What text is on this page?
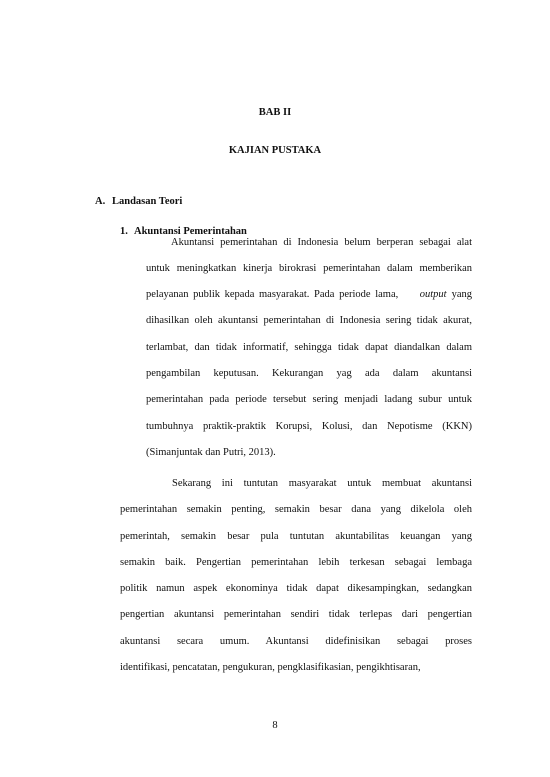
BAB II
KAJIAN PUSTAKA
A. Landasan Teori
1. Akuntansi Pemerintahan
Akuntansi pemerintahan di Indonesia belum berperan sebagai alat
untuk meningkatkan kinerja birokrasi pemerintahan dalam memberikan
pelayanan publik kepada masyarakat. Pada periode lama, output yang
dihasilkan oleh akuntansi pemerintahan di Indonesia sering tidak akurat,
terlambat, dan tidak informatif, sehingga tidak dapat diandalkan dalam
pengambilan keputusan. Kekurangan yag ada dalam akuntansi
pemerintahan pada periode tersebut sering menjadi ladang subur untuk
tumbuhnya praktik-praktik Korupsi, Kolusi, dan Nepotisme (KKN)
(Simanjuntak dan Putri, 2013).
Sekarang ini tuntutan masyarakat untuk membuat akuntansi
pemerintahan semakin penting, semakin besar dana yang dikelola oleh
pemerintah, semakin besar pula tuntutan akuntabilitas keuangan yang
semakin baik. Pengertian pemerintahan lebih terkesan sebagai lembaga
politik namun aspek ekonominya tidak dapat dikesampingkan, sedangkan
pengertian akuntansi pemerintahan sendiri tidak terlepas dari pengertian
akuntansi secara umum. Akuntansi didefinisikan sebagai proses
identifikasi, pencatatan, pengukuran, pengklasifikasian, pengikhtisaran,
8
